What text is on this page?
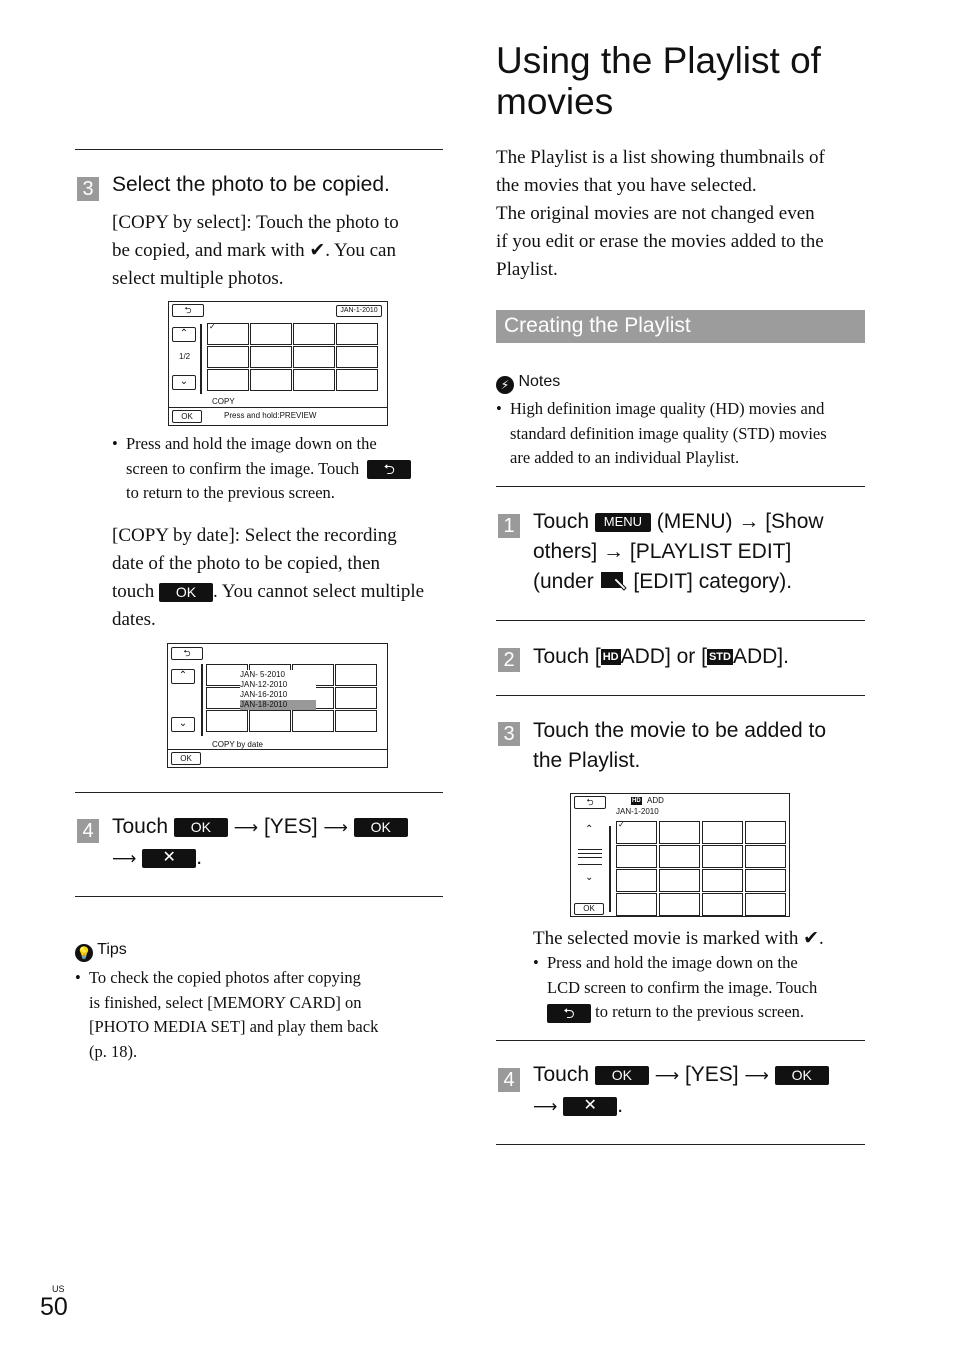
Using the Playlist of movies
The Playlist is a list showing thumbnails of
the movies that you have selected.
The original movies are not changed even
if you edit or erase the movies added to the
Playlist.
Creating the Playlist
⚡ Notes
• High definition image quality (HD) movies and
standard definition image quality (STD) movies
are added to an individual Playlist.
1 Touch MENU (MENU) → [Show
others] → [PLAYLIST EDIT]
(under [EDIT] category).
2 Touch [ HDADD] or [ STDADD].
3 Touch the movie to be added to
the Playlist.
⮌	HD ADD
JAN-1-2010
⌃
⌄
OK
✓
The selected movie is marked with ✔.
• Press and hold the image down on the
LCD screen to confirm the image. Touch
⮌ to return to the previous screen.
4 Touch OK ⟶ [YES] ⟶ OK
⟶ ✕ .
3 Select the photo to be copied.
[COPY by select]: Touch the photo to
be copied, and mark with ✔. You can
select multiple photos.
⮌	JAN-1-2010
⌃
1/2
⌄
✓
COPY
OK	Press and hold:PREVIEW
• Press and hold the image down on the
screen to confirm the image. Touch ⮌
to return to the previous screen.
[COPY by date]: Select the recording
date of the photo to be copied, then
touch OK . You cannot select multiple
dates.
⮌
⌃
⌄
JAN- 5-2010
JAN-12-2010
JAN-16-2010
JAN-18-2010
COPY by date
OK
4 Touch OK ⟶ [YES] ⟶ OK
⟶ ✕ .
💡 Tips
• To check the copied photos after copying
is finished, select [MEMORY CARD] on
[PHOTO MEDIA SET] and play them back
(p. 18).
US
50
